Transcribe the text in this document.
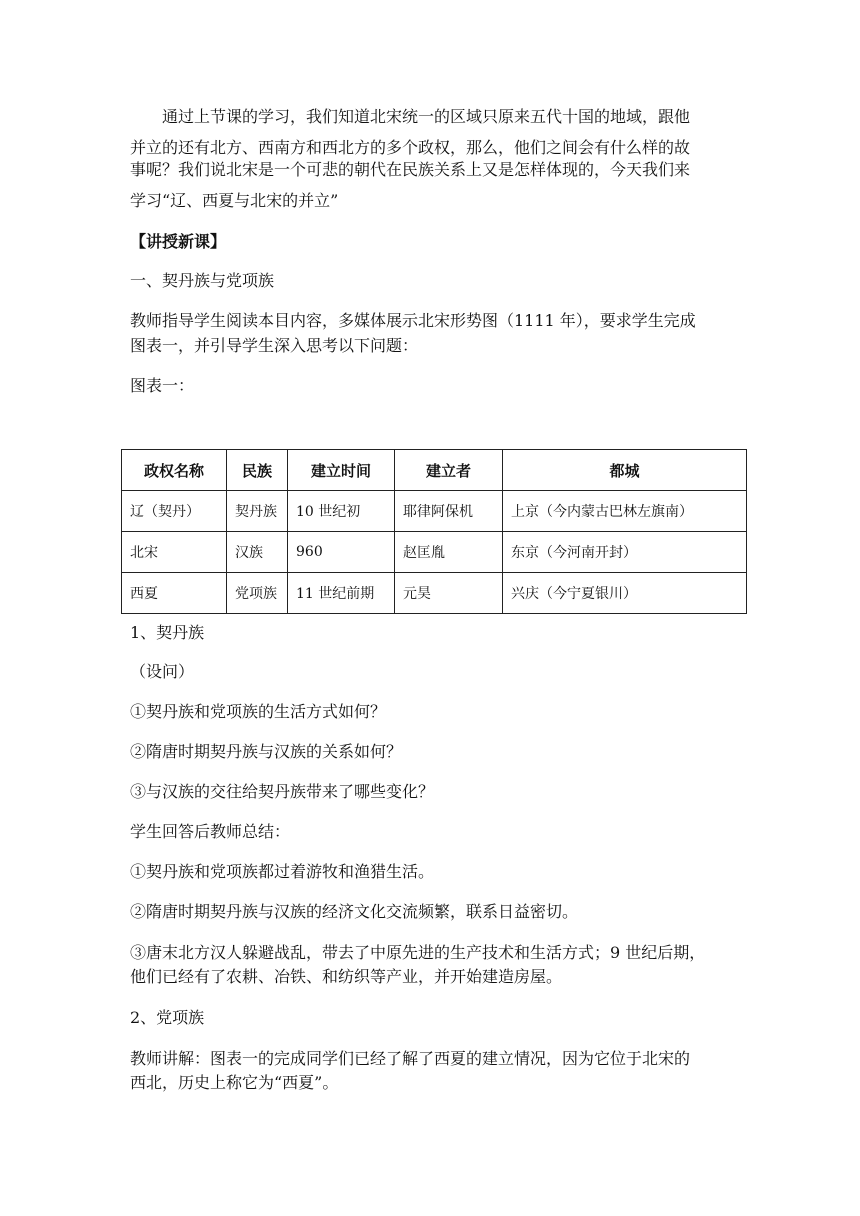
通过上节课的学习，我们知道北宋统一的区域只原来五代十国的地域，跟他

并立的还有北方、西南方和西北方的多个政权，那么，他们之间会有什么样的故

事呢？我们说北宋是一个可悲的朝代在民族关系上又是怎样体现的，今天我们来

学习“辽、西夏与北宋的并立”

【讲授新课】

一、契丹族与党项族

教师指导学生阅读本目内容，多媒体展示北宋形势图（1111 年），要求学生完成

图表一，并引导学生深入思考以下问题：

图表一：

政权名称	民族	建立时间	建立者	都城
辽（契丹）	契丹族	10 世纪初	耶律阿保机	上京（今内蒙古巴林左旗南）
北宋	汉族	960	赵匡胤	东京（今河南开封）
西夏	党项族	11 世纪前期	元昊	兴庆（今宁夏银川）

1、契丹族

（设问）

①契丹族和党项族的生活方式如何？

②隋唐时期契丹族与汉族的关系如何？

③与汉族的交往给契丹族带来了哪些变化？

学生回答后教师总结：

①契丹族和党项族都过着游牧和渔猎生活。

②隋唐时期契丹族与汉族的经济文化交流频繁，联系日益密切。

③唐末北方汉人躲避战乱，带去了中原先进的生产技术和生活方式；9 世纪后期，

他们已经有了农耕、冶铁、和纺织等产业，并开始建造房屋。

2、党项族

教师讲解：图表一的完成同学们已经了解了西夏的建立情况，因为它位于北宋的

西北，历史上称它为“西夏”。
